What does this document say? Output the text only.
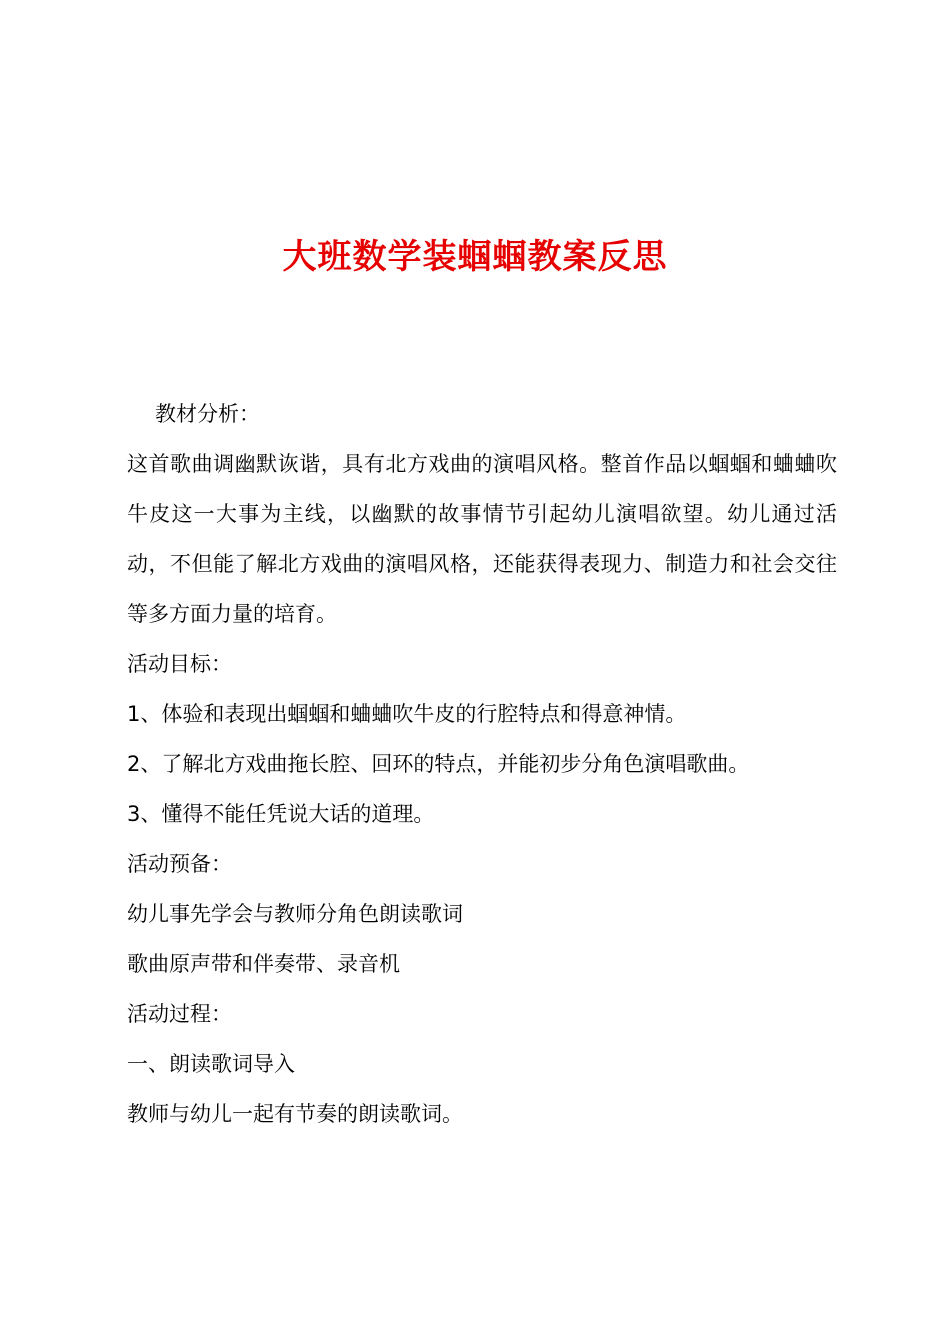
大班数学装蝈蝈教案反思

教材分析：

这首歌曲调幽默诙谐，具有北方戏曲的演唱风格。整首作品以蝈蝈和蛐蛐吹牛皮这一大事为主线，以幽默的故事情节引起幼儿演唱欲望。幼儿通过活动，不但能了解北方戏曲的演唱风格，还能获得表现力、制造力和社会交往等多方面力量的培育。

活动目标：

1、体验和表现出蝈蝈和蛐蛐吹牛皮的行腔特点和得意神情。

2、了解北方戏曲拖长腔、回环的特点，并能初步分角色演唱歌曲。

3、懂得不能任凭说大话的道理。

活动预备：

幼儿事先学会与教师分角色朗读歌词

歌曲原声带和伴奏带、录音机

活动过程：

一、朗读歌词导入

教师与幼儿一起有节奏的朗读歌词。
